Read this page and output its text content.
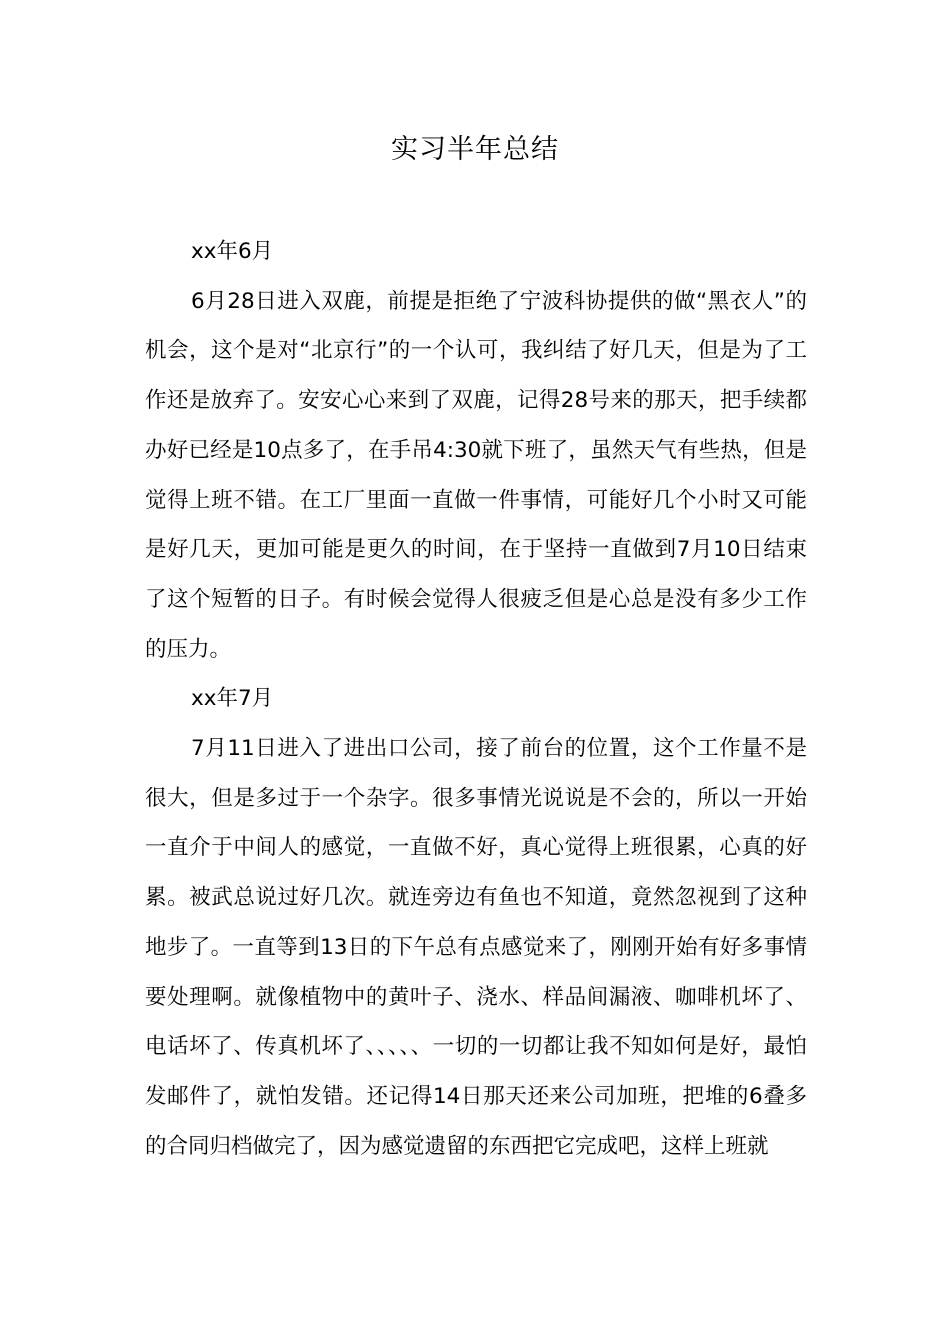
实习半年总结

xx年6月

6月28日进入双鹿，前提是拒绝了宁波科协提供的做“黑衣人”的机会，这个是对“北京行”的一个认可，我纠结了好几天，但是为了工作还是放弃了。安安心心来到了双鹿，记得28号来的那天，把手续都办好已经是10点多了，在手吊4:30就下班了，虽然天气有些热，但是觉得上班不错。在工厂里面一直做一件事情，可能好几个小时又可能是好几天，更加可能是更久的时间，在于坚持一直做到7月10日结束了这个短暂的日子。有时候会觉得人很疲乏但是心总是没有多少工作的压力。

xx年7月

7月11日进入了进出口公司，接了前台的位置，这个工作量不是很大，但是多过于一个杂字。很多事情光说说是不会的，所以一开始一直介于中间人的感觉，一直做不好，真心觉得上班很累，心真的好累。被武总说过好几次。就连旁边有鱼也不知道，竟然忽视到了这种地步了。一直等到13日的下午总有点感觉来了，刚刚开始有好多事情要处理啊。就像植物中的黄叶子、浇水、样品间漏液、咖啡机坏了、电话坏了、传真机坏了、、、、、一切的一切都让我不知如何是好，最怕发邮件了，就怕发错。还记得14日那天还来公司加班，把堆的6叠多的合同归档做完了，因为感觉遗留的东西把它完成吧，这样上班就
